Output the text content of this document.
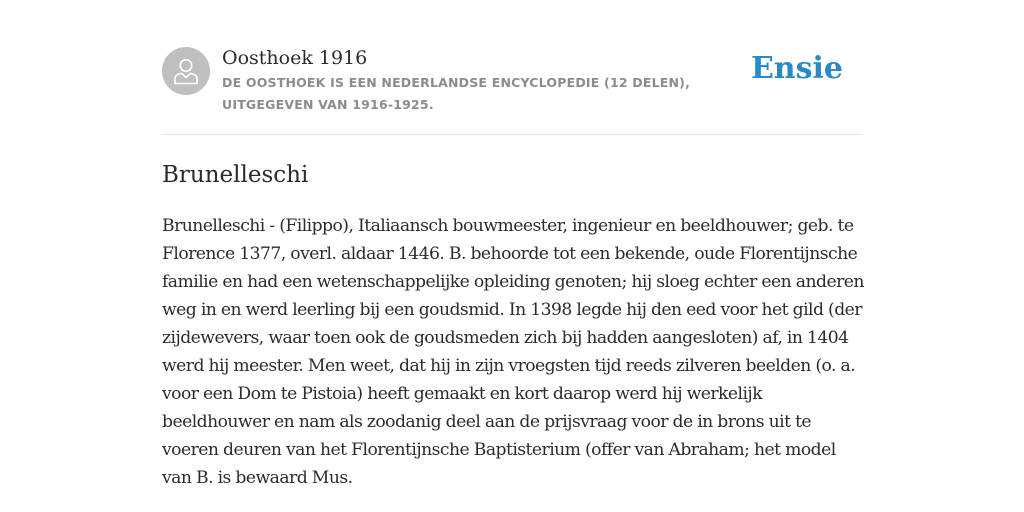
Oosthoek 1916

DE OOSTHOEK IS EEN NEDERLANDSE ENCYCLOPEDIE (12 DELEN), UITGEGEVEN VAN 1916-1925.

Ensie
Brunelleschi

Brunelleschi - (Filippo), Italiaansch bouwmeester, ingenieur en beeldhouwer; geb. te Florence 1377, overl. aldaar 1446. B. behoorde tot een bekende, oude Florentijnsche familie en had een wetenschappelijke opleiding genoten; hij sloeg echter een anderen weg in en werd leerling bij een goudsmid. In 1398 legde hij den eed voor het gild (der zijdewevers, waar toen ook de goudsmeden zich bij hadden aangesloten) af, in 1404 werd hij meester. Men weet, dat hij in zijn vroegsten tijd reeds zilveren beelden (o. a. voor een Dom te Pistoia) heeft gemaakt en kort daarop werd hij werkelijk beeldhouwer en nam als zoodanig deel aan de prijsvraag voor de in brons uit te voeren deuren van het Florentijnsche Baptisterium (offer van Abraham; het model van B. is bewaard Mus.
